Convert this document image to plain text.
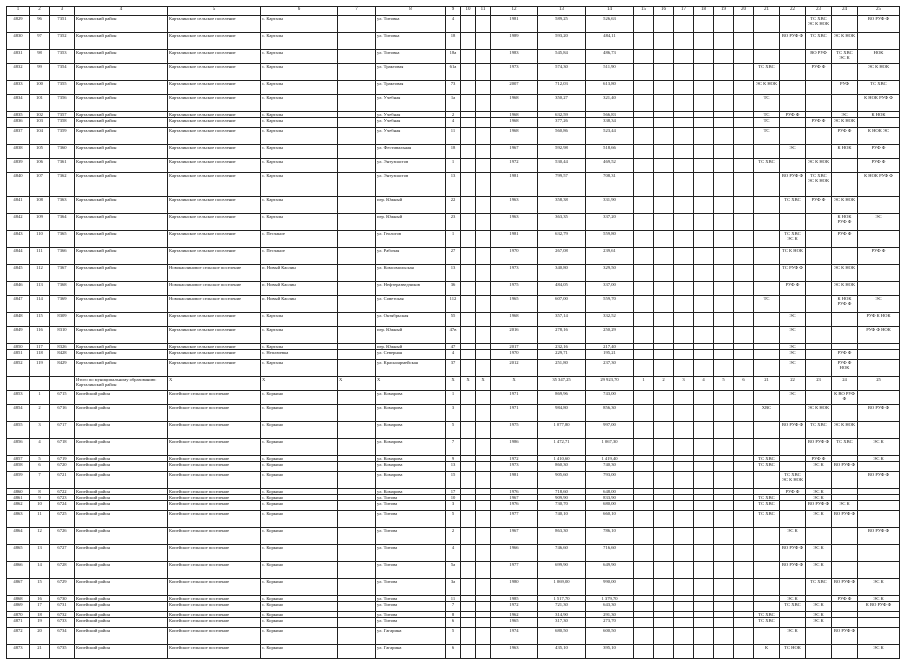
1	2	3	4	5	6	7	8	9	10	11	12	13	14	15	16	17	18	19	20	21	22	23	24	25
4829	96	7351	Карталинский район	Карталинское сельское поселение	с. Карталы		ул. Титовка	4			1981	589,25	526,63									ТС ХВС ЭС К НОК		ВО РУФ Ф
4830	97	7352	Карталинский район	Карталинское сельское поселение	с. Карталы		ул. Титовка	18			1989	593,20	484,11								ВО РУФ Ф	ТС ХВС	ЭС К НОК	
4831	98	7353	Карталинский район	Карталинское сельское поселение	с. Карталы		ул. Титовка	18а			1983	545,84	486,73									ВО РУФ	ТС ХВС ЭС К	НОК
4832	99	7354	Карталинский район	Карталинское сельское поселение	с. Карталы		ул. Трактовая	61а			1973	574,30	511,90							ТС ХВС		РУФ Ф		ЭС К НОК
4833	100	7355	Карталинский район	Карталинское сельское поселение	с. Карталы		ул. Трактовая	73			2007	712,03	613,80							ЭС К НОК			РУФ	ТС ХВС
4834	101	7356	Карталинский район	Карталинское сельское поселение	с. Карталы		ул. Учебная	1а			1968	350,27	321,40							ТС				К НОК РУФ Ф
4835	102	7357	Карталинский район	Карталинское сельское поселение	с. Карталы		ул. Учебная	2			1968	632,59	566,83							ТС	РУФ Ф		ЭС	К НОК
4836	103	7358	Карталинский район	Карталинское сельское поселение	с. Карталы		ул. Учебная	4			1968	377,26	338,34							ТС		РУФ Ф	ЭС К НОК	
4837	104	7359	Карталинский район	Карталинское сельское поселение	с. Карталы		ул. Учебная	11			1968	560,86	523,44							ТС			РУФ Ф	К НОК ЭС
4838	105	7360	Карталинский район	Карталинское сельское поселение	с. Карталы		ул. Фестивальная	18			1967	592,98	518,66								ЭС		К НОК	РУФ Ф
4839	106	7361	Карталинский район	Карталинское сельское поселение	с. Карталы		ул. Энтузиастов	1			1972	530,44	469,52							ТС ХВС		ЭС К НОК		РУФ Ф
4840	107	7362	Карталинский район	Карталинское сельское поселение	с. Карталы		ул. Энтузиастов	13			1981	799,57	708,31								ВО РУФ Ф	ТС ХВС ЭС К НОК		К НОК РУФ Ф
4841	108	7363	Карталинский район	Карталинское сельское поселение	с. Карталы		пер. Южный	22			1963	358,38	331,90								ТС ХВС	РУФ Ф	ЭС К НОК	
4842	109	7364	Карталинский район	Карталинское сельское поселение	с. Карталы		пер. Южный	23			1963	363,35	337,20										К НОК РУФ Ф	ЭС
4843	110	7365	Карталинский район	Карталинское сельское поселение	с. Песчаное		ул. Геологов	1			1981	632,79	559,80								ТС ХВС ЭС К		РУФ Ф	
4844	111	7366	Карталинский район	Карталинское сельское поселение	с. Песчаное		ул. Рабочая	27			1970	267,08	239,61								ТС К НОК			РУФ Ф
4845	112	7367	Карталинский район	Новокаолиновое сельское поселение	п. Новый Каолин		ул. Комсомольская	13			1973	340,80	329,50								ТС РУФ Ф		ЭС К НОК	
4846	113	7368	Карталинский район	Новокаолиновое сельское поселение	п. Новый Каолин		ул. Нефтеразведчиков	36			1975	484,05	337,00								РУФ Ф		ЭС К НОК	
4847	114	7369	Карталинский район	Новокаолиновое сельское поселение	п. Новый Каолин		ул. Советская	112			1965	607,00	559,70							ТС			К НОК РУФ Ф	ЭС
4848	115	8309	Карталинский район	Карталинское сельское поселение	с. Карталы		ул. Октябрьская	55			1968	357,14	332,52								ЭС			РУФ К НОК
4849	116	8310	Карталинский район	Карталинское сельское поселение	с. Карталы		пер. Южный	47в			2016	278,16	250,29								ЭС			РУФ Ф НОК
4850	117	8326	Карталинский район	Карталинское сельское поселение	с. Карталы		пер. Южный	47			2017	232,16	217,40								ЭС			
4851	118	8428	Карталинский район	Карталинское сельское поселение	с. Неплюевка		ул. Северная	4			1970	229,71	195,21								ЭС		РУФ Ф	
4852	119	8429	Карталинский район	Карталинское сельское поселение	с. Карталы		ул. Красноармейская	37			2012	251,80	237,30								ЭС		РУФ Ф НОК	
			Итого по муниципальному образованию: Карталинский район	X	X	X	X	X	X	X	X	35 347,25	29 923,70	1	2	3	4	5	6	21	22	23	24	25
4853	1	6715	Копейский район	Копейское сельское поселение	с. Коркино		ул. Комарова	1			1971	869,96	743,00								ЭС		К ВО РУФ Ф	
4854	2	6716	Копейский район	Копейское сельское поселение	с. Коркино		ул. Комарова	3			1971	984,80	856,30							ХВС		ЭС К НОК		ВО РУФ Ф
4855	3	6717	Копейский район	Копейское сельское поселение	с. Коркино		ул. Комарова	5			1975	1 077,80	997,00								ВО РУФ Ф	ТС ХВС	ЭС К НОК	
4856	4	6718	Копейский район	Копейское сельское поселение	с. Коркино		ул. Комарова	7			1986	1 472,71	1 067,30									ВО РУФ Ф	ТС ХВС	ЭС К
4857	5	6719	Копейский район	Копейское сельское поселение	с. Коркино		ул. Комарова	9			1972	1 410,60	1 419,40							ТС ХВС		РУФ Ф		ЭС К
4858	6	6720	Копейский район	Копейское сельское поселение	с. Коркино		ул. Комарова	13			1973	860,30	740,30							ТС ХВС		ЭС К	ВО РУФ Ф	
4859	7	6721	Копейский район	Копейское сельское поселение	с. Коркино		ул. Комарова	15			1981	905,60	793,00								ТС ХВС ЭС К НОК			ВО РУФ Ф
4860	8	6722	Копейский район	Копейское сельское поселение	с. Коркино		ул. Комарова	17			1976	718,60	648,00								РУФ Ф	ЭС К		
4861	9	6723	Копейский район	Копейское сельское поселение	с. Коркино		ул. Титова	10			1967	909,90	833,90							ТС ХВС		ЭС К		
4862	10	6724	Копейский район	Копейское сельское поселение	с. Коркино		ул. Титова	3			1976	730,70	680,00							ТС ХВС		ВО РУФ Ф	ЭС К	
4863	11	6725	Копейский район	Копейское сельское поселение	с. Коркино		ул. Титова	5			1977	740,10	660,10							ТС ХВС		ЭС К	ВО РУФ Ф	
4864	12	6726	Копейский район	Копейское сельское поселение	с. Коркино		ул. Титова	2			1967	863,30	786,10								ЭС К			ВО РУФ Ф
4865	13	6727	Копейский район	Копейское сельское поселение	с. Коркино		ул. Титова	4			1966	746,60	716,60								ВО РУФ Ф	ЭС К		
4866	14	6728	Копейский район	Копейское сельское поселение	с. Коркино		ул. Титова	5а			1977	699,90	649,90								ВО РУФ Ф	ЭС К		
4867	15	6729	Копейский район	Копейское сельское поселение	с. Коркино		ул. Титова	3а			1980	1 069,00	990,00									ТС ХВС	ВО РУФ Ф	ЭС К
4868	16	6730	Копейский район	Копейское сельское поселение	с. Коркино		ул. Титова	11			1985	1 517,70	1 379,70								ЭС К		РУФ Ф	ЭС К
4869	17	6731	Копейский район	Копейское сельское поселение	с. Коркино		ул. Титова	7			1972	721,30	643,30								ТС ХВС	ЭС К		К ВО РУФ Ф
4870	18	6732	Копейский район	Копейское сельское поселение	с. Коркино		ул. Титова	8			1962	314,90	291,30							ТС ХВС		ЭС К		
4871	19	6733	Копейский район	Копейское сельское поселение	с. Коркино		ул. Титова	6			1965	317,30	273,70							ТС ХВС		ЭС К		
4872	20	6734	Копейский район	Копейское сельское поселение	с. Коркино		ул. Гагарина	5			1974	680,50	600,50								ЭС К		ВО РУФ Ф	
4873	21	6735	Копейский район	Копейское сельское поселение	с. Коркино		ул. Гагарина	6			1963	435,10	395,10							К	ТС НОК			ЭС К
